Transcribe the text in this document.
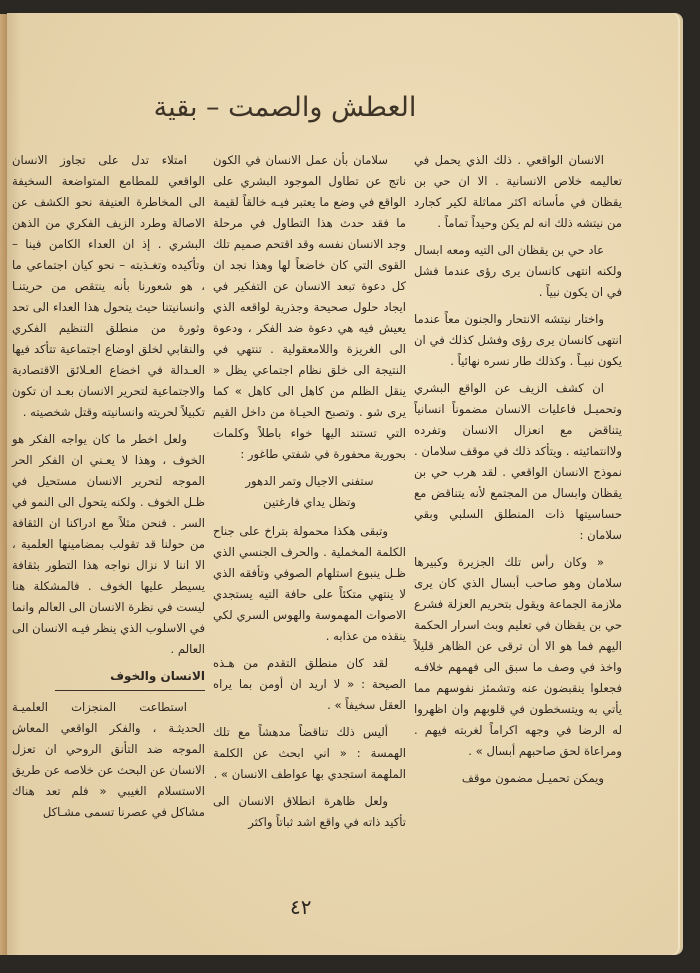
العطش والصمت – بقية

الانسان الواقعي . ذلك الذي يحمل في تعاليمه خلاص الانسانية . الا ان حي بن يقظان في مأساته اكثر مماثلة لكير كجارد من نيتشه ذلك انه لم يكن وحيداً تماماً .

عاد حي بن يقظان الى التيه ومعه ابسال ولكنه انتهى كانسان يرى رؤى عندما فشل في ان يكون نبياً .

واختار نيتشه الانتحار والجنون معاً عندما انتهى كانسان يرى رؤى وفشل كذلك في ان يكون نبيـاً . وكذلك طار نسره نهائياً .

ان كشف الزيف عن الواقع البشري وتحميـل فاعليات الانسان مضموناً انسانياً يتناقض مع انعزال الانسان وتفرده ولاانتمائيته . ويتأكد ذلك في موقف سلامان . نموذج الانسان الواقعي . لقد هرب حي بن يقظان وابسال من المجتمع لأنه يتناقض مع حساسيتها ذات المنطلق السلبي وبقي سلامان :

« وكان رأس تلك الجزيرة وكبيرها سلامان وهو صاحب أبسال الذي كان يرى ملازمة الجماعة ويقول بتحريم العزلة فشرع حي بن يقظان في تعليم وبث اسرار الحكمة اليهم فما هو الا أن ترقى عن الظاهر قليلاً واخذ في وصف ما سبق الى فهمهم خلافـه فجعلوا ينقبضون عنه وتشمئز نفوسهم مما يأتي به ويتسخطون في قلوبهم وان اظهروا له الرضا في وجهه اكراماً لغربته فيهم . ومراعاة لحق صاحبهم أبسال » .

ويمكن تحميـل مضمون موقف

سلامان بأن عمل الانسان في الكون ناتج عن تطاول الموجود البشري على الواقع في وضع ما يعتبر فيـه خالقاً لقيمة ما فقد حدث هذا التطاول في مرحلة وجد الانسان نفسه وقد اقتحم صميم تلك القوى التي كان خاضعاً لها وهذا نجد ان كل دعوة تبعد الانسان عن التفكير في ايجاد حلول صحيحة وجذرية لواقعه الذي يعيش فيه هي دعوة ضد الفكر ، ودعوة الى الغريزة واللامعقولية . تنتهي في النتيجة الى خلق نظام اجتماعي يظل « ينقل الظلم من كاهل الى كاهل » كما يرى شو . وتصبح الحيـاة من داخل القيم التي تستند اليها خواء باطلاً وكلمات بحورية محفورة في شفتي طاغور :

ستفنى الاجيال وتمر الدهور
وتظل يداي فارغتين

وتبقى هكذا محمولة بتراخ على جناح الكلمة المخملية . والحرف الجنسي الذي ظـل ينبوع استلهام الصوفي وتأفقه الذي لا ينتهي متكئاً على حافة التيه يستجدي الاصوات المهموسة والهوس السري لكي ينقذه من عذابه .

لقد كان منطلق التقدم من هـذه الصيحة : « لا اريد ان أومن بما يراه العقل سخيفاً » .

أليس ذلك تناقضاً مدهشاً مع تلك الهمسة : « اني ابحث عن الكلمة الملهمة استجدي بها عواطف الانسان » .

ولعل ظاهرة انطلاق الانسان الى تأكيد ذاته في واقع اشد ثباتاً واكثر

امتلاء تدل على تجاوز الانسان الواقعي للمطامع المتواضعة السخيفة الى المخاطرة العنيفة نحو الكشف عن الاصالة وطرد الزيف الفكري من الذهن البشري . إذ ان العداء الكامن فينا – وتأكيده وتغـذيته – نحو كيان اجتماعي ما ، هو شعورنا بأنه ينتقص من حريتنـا وانسانيتنا حيث يتحول هذا العداء الى تحد وثورة من منطلق التنظيم الفكري والنقابي لخلق اوضاع اجتماعية تتأكد فيها العـدالة في اخضاع العـلائق الاقتصادية والاجتماعية لتحرير الانسان بعـد ان تكون تكبيلاً لحريته وانسانيته وقتل شخصيته .

ولعل اخطر ما كان يواجه الفكر هو الخوف ، وهذا لا يعـني ان الفكر الحر الموجه لتحرير الانسان مستحيل في ظـل الخوف . ولكنه يتحول الى النمو في السر . فنحن مثلاً مع ادراكنا ان الثقافة من حولنا قد تقولب بمضامينها العلمية ، الا اننا لا نزال نواجه هذا التطور بثقافة يسيطر عليها الخوف . فالمشكلة هنا ليست في نظرة الانسان الى العالم وانما في الاسلوب الذي ينظر فيـه الانسان الى العالم .

الانسان والخوف

استطاعت المنجزات العلميـة الحديثـة ، والفكر الواقعي المعاش الموجه ضد التأنق الروحي ان تعزل الانسان عن البحث عن خلاصه عن طريق الاستسلام الغيبي « فلم تعد هناك مشاكل في عصرنا تسمى مشـاكل

٤٢
